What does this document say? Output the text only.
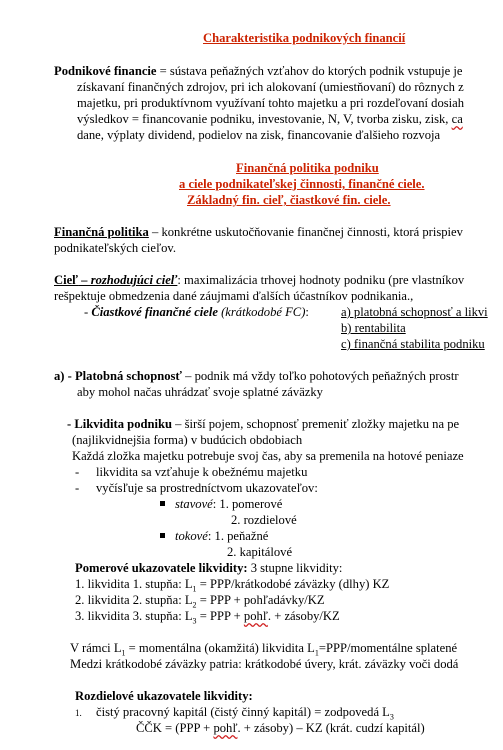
Charakteristika podnikových financií
Podnikové financie = sústava peňažných vzťahov do ktorých podnik vstupuje je
získavaní finančných zdrojov, pri ich alokovaní (umiestňovaní) do rôznych z
majetku, pri produktívnom využívaní tohto majetku a pri rozdeľovaní dosiah
výsledkov = financovanie podniku, investovanie, N, V, tvorba zisku, zisk, ca
dane, výplaty dividend, podielov na zisk, financovanie ďalšieho rozvoja
Finančná politika podniku
a ciele podnikateľskej činnosti, finančné ciele.
Základný fin. cieľ, čiastkové fin. ciele.
Finančná politika – konkrétne uskutočňovanie finančnej činnosti, ktorá prispiev
podnikateľských cieľov.
Cieľ – rozhodujúci cieľ: maximalizácia trhovej hodnoty podniku (pre vlastníkov
rešpektuje obmedzenia dané záujmami ďalších účastníkov podnikania.,
- Čiastkové finančné ciele (krátkodobé FC):	a) platobná schopnosť a likvi
b) rentabilita
c) finančná stabilita podniku
a) - Platobná schopnosť – podnik má vždy toľko pohotových peňažných prostr
aby mohol načas uhrádzať svoje splatné záväzky
- Likvidita podniku – širší pojem, schopnosť premeniť zložky majetku na pe
(najlikvidnejšia forma) v budúcich obdobiach
Každá zložka majetku potrebuje svoj čas, aby sa premenila na hotové peniaze
- likvidita sa vzťahuje k obežnému majetku
- vyčísľuje sa prostredníctvom ukazovateľov:
stavové: 1. pomerové
2. rozdielové
tokové: 1. peňažné
2. kapitálové
Pomerové ukazovatele likvidity: 3 stupne likvidity:
1. likvidita 1. stupňa: $L_1$ = PPP/krátkodobé záväzky (dlhy) KZ
2. likvidita 2. stupňa: $L_2$ = PPP + pohľadávky/KZ
3. likvidita 3. stupňa: $L_3$ = PPP + pohľ. + zásoby/KZ
V rámci $L_1$ = momentálna (okamžitá) likvidita $L_1=PPP$/momentálne splatené
Medzi krátkodobé záväzky patria: krátkodobé úvery, krát. záväzky voči dodá
Rozdielové ukazovatele likvidity:
1. čistý pracovný kapitál (čistý činný kapitál) = zodpovedá $L_3$
ČČK = (PPP + pohľ. + zásoby) – KZ (krát. cudzí kapitál)
